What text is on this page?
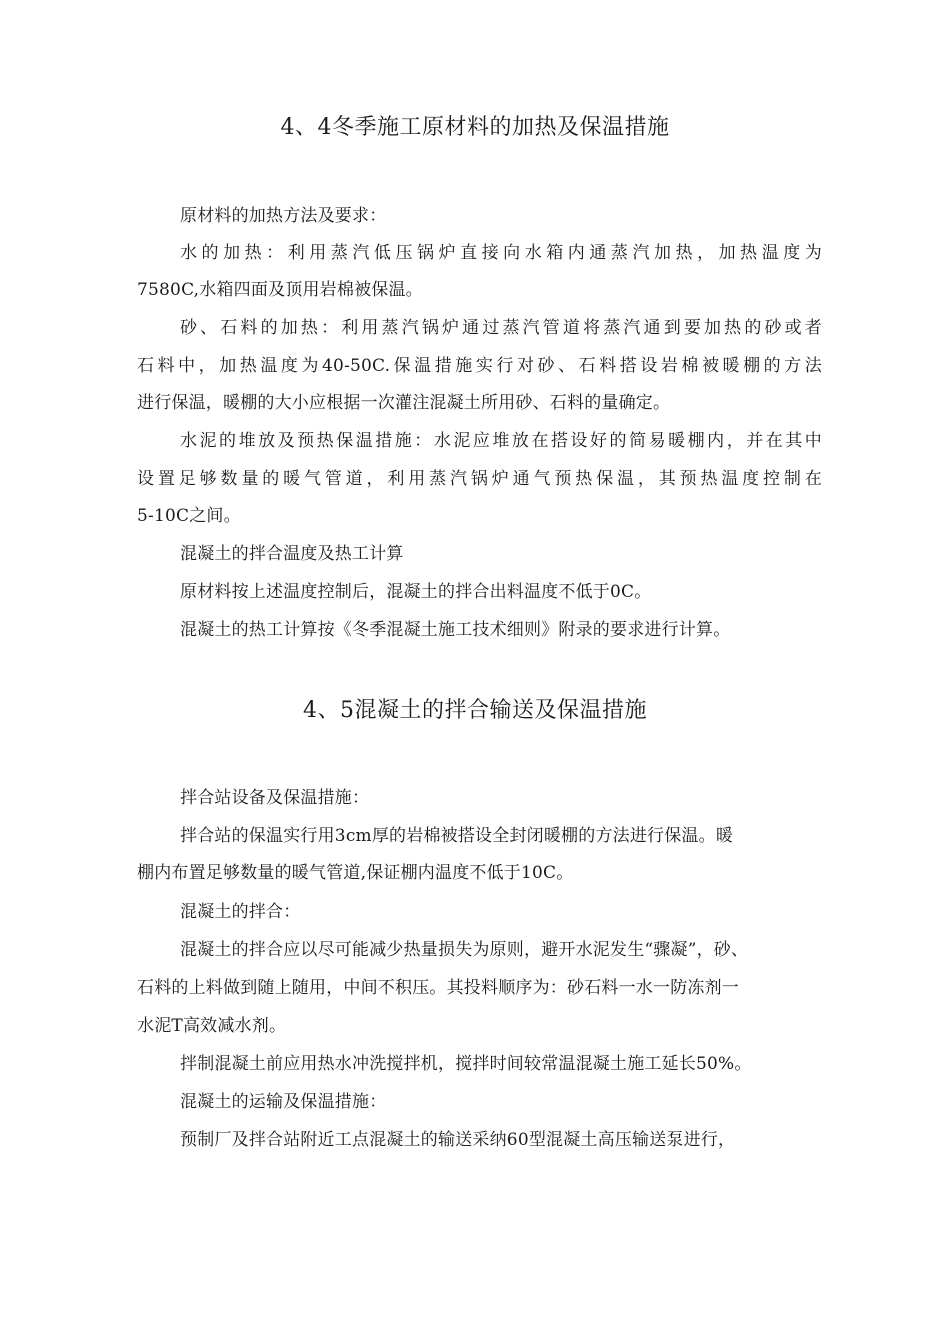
4、4冬季施工原材料的加热及保温措施
原材料的加热方法及要求：
水的加热：利用蒸汽低压锅炉直接向水箱内通蒸汽加热，加热温度为
7580C,水箱四面及顶用岩棉被保温。
砂、石料的加热：利用蒸汽锅炉通过蒸汽管道将蒸汽通到要加热的砂或者
石料中，加热温度为40-50C.保温措施实行对砂、石料搭设岩棉被暖棚的方法
进行保温，暖棚的大小应根据一次灌注混凝土所用砂、石料的量确定。
水泥的堆放及预热保温措施：水泥应堆放在搭设好的简易暖棚内，并在其中
设置足够数量的暖气管道，利用蒸汽锅炉通气预热保温，其预热温度控制在
5-10C之间。
混凝土的拌合温度及热工计算
原材料按上述温度控制后，混凝土的拌合出料温度不低于0C。
混凝土的热工计算按《冬季混凝土施工技术细则》附录的要求进行计算。
4、5混凝土的拌合输送及保温措施
拌合站设备及保温措施：
拌合站的保温实行用3cm厚的岩棉被搭设全封闭暖棚的方法进行保温。暖
棚内布置足够数量的暖气管道,保证棚内温度不低于10C。
混凝土的拌合：
混凝土的拌合应以尽可能减少热量损失为原则，避开水泥发生“骤凝”，砂、
石料的上料做到随上随用，中间不积压。其投料顺序为：砂石料一水一防冻剂一
水泥T高效减水剂。
拌制混凝土前应用热水冲洗搅拌机，搅拌时间较常温混凝土施工延长50%。
混凝土的运输及保温措施：
预制厂及拌合站附近工点混凝土的输送采纳60型混凝土高压输送泵进行，
